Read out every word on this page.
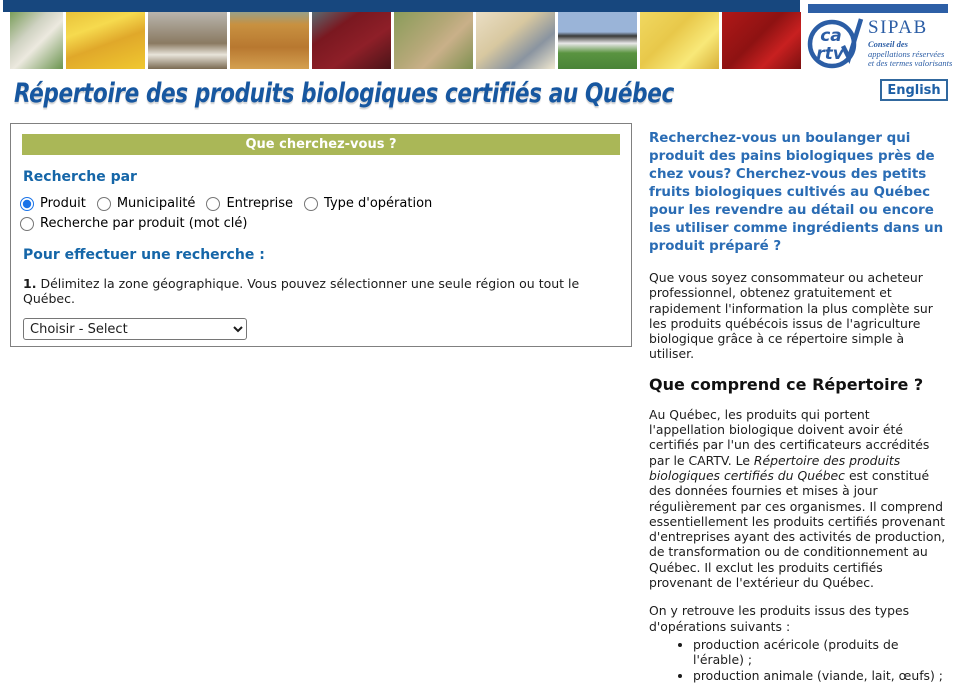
ca
rtv
SIPAB
Conseil des
appellations réservées
et des termes valorisants
Répertoire des produits biologiques certifiés au Québec	English
Que cherchez-vous ?
Recherche par
Produit Municipalité Entreprise Type d'opération
Recherche par produit (mot clé)
Pour effectuer une recherche :
1. Délimitez la zone géographique. Vous pouvez sélectionner une seule région ou tout le Québec.
Choisir - Select
Recherchez-vous un boulanger qui produit des pains biologiques près de chez vous? Cherchez-vous des petits fruits biologiques cultivés au Québec pour les revendre au détail ou encore les utiliser comme ingrédients dans un produit préparé ?

Que vous soyez consommateur ou acheteur professionnel, obtenez gratuitement et rapidement l'information la plus complète sur les produits québécois issus de l'agriculture biologique grâce à ce répertoire simple à utiliser.

Que comprend ce Répertoire ?

Au Québec, les produits qui portent l'appellation biologique doivent avoir été certifiés par l'un des certificateurs accrédités par le CARTV. Le Répertoire des produits biologiques certifiés du Québec est constitué des données fournies et mises à jour régulièrement par ces organismes. Il comprend essentiellement les produits certifiés provenant d'entreprises ayant des activités de production, de transformation ou de conditionnement au Québec. Il exclut les produits certifiés provenant de l'extérieur du Québec.

On y retrouve les produits issus des types d'opérations suivants :

• production acéricole (produits de l'érable) ;
• production animale (viande, lait, œufs) ;
